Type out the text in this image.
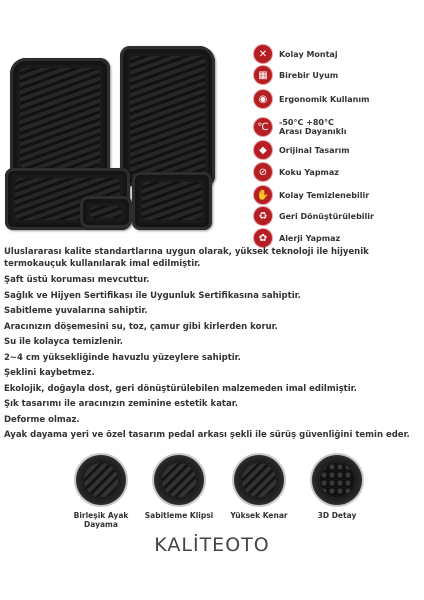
✕	Kolay Montaj
▦	Birebir Uyum
◉	Ergonomik Kullanım
℃	-50°C +80°C Arası Dayanıklı
◆	Orijinal Tasarım
⊘	Koku Yapmaz
✋	Kolay Temizlenebilir
♻	Geri Dönüştürülebilir
✿	Alerji Yapmaz

Uluslararası kalite standartlarına uygun olarak, yüksek teknoloji ile hijyenik termokauçuk kullanılarak imal edilmiştir.

Şaft üstü koruması mevcuttur.

Sağlık ve Hijyen Sertifikası ile Uygunluk Sertifikasına sahiptir.

Sabitleme yuvalarına sahiptir.

Aracınızın döşemesini su, toz, çamur gibi kirlerden korur.

Su ile kolayca temizlenir.

2~4 cm yüksekliğinde havuzlu yüzeylere sahiptir.

Şeklini kaybetmez.

Ekolojik, doğayla dost, geri dönüştürülebilen malzemeden imal edilmiştir.

Şık tasarımı ile aracınızın zeminine estetik katar.

Deforme olmaz.

Ayak dayama yeri ve özel tasarım pedal arkası şekli ile sürüş güvenliğini temin eder.

Birleşik Ayak Dayama
Sabitleme Klipsi	Yüksek Kenar	3D Detay
KALİTEOTO
